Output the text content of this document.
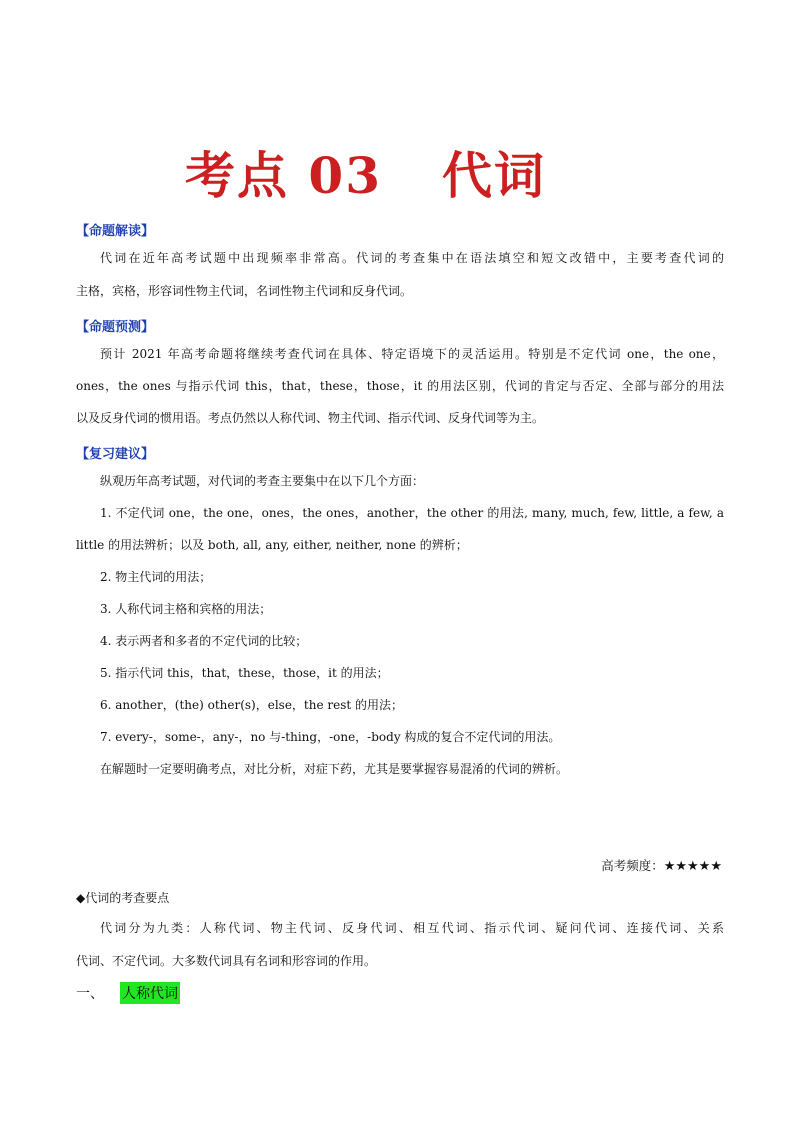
考点 03 代词
【命题解读】
代词在近年高考试题中出现频率非常高。代词的考查集中在语法填空和短文改错中，主要考查代词的
主格，宾格，形容词性物主代词，名词性物主代词和反身代词。
【命题预测】
预计 2021 年高考命题将继续考查代词在具体、特定语境下的灵活运用。特别是不定代词 one，the one，
ones，the ones 与指示代词 this，that，these，those，it 的用法区别，代词的肯定与否定、全部与部分的用法
以及反身代词的惯用语。考点仍然以人称代词、物主代词、指示代词、反身代词等为主。
【复习建议】
纵观历年高考试题，对代词的考查主要集中在以下几个方面：
1. 不定代词 one，the one，ones，the ones，another，the other 的用法, many, much, few, little, a few, a
little 的用法辨析；以及 both, all, any, either, neither, none 的辨析；
2. 物主代词的用法；
3. 人称代词主格和宾格的用法；
4. 表示两者和多者的不定代词的比较；
5. 指示代词 this，that，these，those，it 的用法；
6. another，(the) other(s)，else，the rest 的用法；
7. every-，some-，any-，no 与-thing，-one，-body 构成的复合不定代词的用法。
在解题时一定要明确考点，对比分析，对症下药，尤其是要掌握容易混淆的代词的辨析。
高考频度：★★★★★
◆代词的考查要点
代词分为九类：人称代词、物主代词、反身代词、相互代词、指示代词、疑问代词、连接代词、关系
代词、不定代词。大多数代词具有名词和形容词的作用。
一、 人称代词
